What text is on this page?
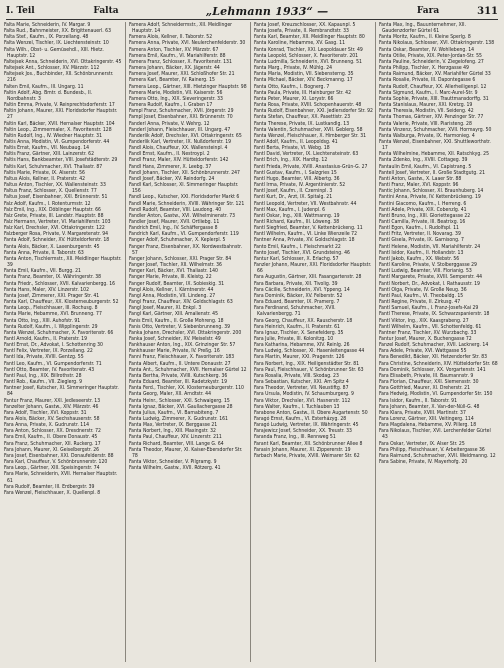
I. Teil	Falta	„Lehmann 1933“ —	Fara	311

Falta Marie, Schneiderin, IV. Margar. 9

Falta Rud., Bahnmeister, XX. Brigittenauerl. 63

Falta Stef., Kaufm., IX. Porzellang. 48

Falta Wenzel, Tischler, IX. Liechtensteinstr. 10

Falta Wilh., Obst- u. Gemüsehdl., XIII. Hietz. Hauptstr. 12

Faltejsek Anna, Schneiderin, XVI. Ottakringerstr. 45

Faltejsek Ant., Schlosser, XV. Märzstr. 112

Faltejsek Jos., Buchbinder, XII. Schönbrunnerstr. 216

Falten Emil, Kaufm., III. Ungarg. 11

Faltin Adolf, Abg. Bmtr. d. Bundesb., II. Nordbahnstr. 3

Faltin Emma, Private, V. Reinprechtsdorferstr. 17

Faltin Johann, Maurer, XXI. Floridsdorfer Hauptstr. 27

Faltin Karl, Bäcker, XVII. Hernalser Hauptstr. 104

Faltin Leop., Zimmermaler, X. Favoritenstr. 128

Faltin Rudolf, Ing., IV. Wiedner Hauptstr. 31

Faltis Anna, Modistin, VI. Gumpendorferstr. 44

Faltis Ernst, Kaufm., VII. Neubaug. 14

Faltis Franz, Gärtner, XIII. Lainzerstr. 62

Faltis Hans, Bankbeamter, VIII. Josefstädterstr. 29

Faltis Karl, Schuhmacher, XVI. Thaliastr. 87

Faltis Marie, Private, IX. Alserstr. 56

Faltus Alois, Kellner, II. Praterstr. 42

Faltus Anton, Tischler, XX. Wallensteinstr. 33

Faltus Franz, Schlosser, X. Quellenstr. 77

Faltus Josef, Eisenbahner, XXI. Brünnerstr. 51

Falz Adolf, Kaufm., I. Rotenturmstr. 12

Falz Emil, Ing., XIX. Döblinger Hauptstr. 66

Falz Grete, Private, III. Landstr. Hauptstr. 88

Falz Hermann, Vertreter, VI. Mariahilferstr. 103

Falz Karl, Drechsler, XVI. Ottakringerstr. 122

Falzberger Rosa, Private, V. Margaretenstr. 94

Fanta Adolf, Schneider, XV. Hütteldorferstr. 18

Fanta Alois, Bäcker, X. Laxenburgerstr. 45

Fanta Anna, Private, II. Taborstr. 63

Fanta Anton, Tischlermstr., XII. Meidlinger Hauptstr. 39

Fanta Emil, Kaufm., VII. Burgg. 21

Fanta Franz, Beamter, IX. Währingerstr. 38

Fanta Friedr., Schlosser, XVII. Kalvarienbergg. 16

Fanta Hans, Maler, XIV. Linzerstr. 102

Fanta Josef, Zimmerer, XXI. Prager Str. 41

Fanta Karl, Chauffeur, XX. Klosterneuburgerstr. 52

Fanta Leop., Fleischhauer, III. Rochusg. 8

Fanta Marie, Hebamme, XVI. Brunneng. 77

Fanta Otto, Ing., XIII. Auhofstr. 91

Fanta Rudolf, Kaufm., I. Wipplingerstr. 29

Fanta Wenzel, Schuhmacher, X. Favoritenstr. 66

Fantl Arnold, Kaufm., II. Praterstr. 19

Fantl Ernst, Dr., Advokat, I. Schottenring 30

Fantl Felix, Vertreter, IX. Porzellang. 22

Fantl Ida, Private, XVIII. Gentzg. 55

Fantl Leo, Kaufm., VI. Gumpendorferstr. 71

Fantl Otto, Beamter, IV. Favoritenstr. 43

Fantl Paul, Ing., XIX. Billrothstr. 28

Fantl Rob., Kaufm., VII. Zieglerg. 9

Fantner Josef, Kutscher, XI. Simmeringer Hauptstr. 84

Fantur Franz, Maurer, XXI. Jedleseerstr. 13

Fanzelter Johann, Gastw., XIV. Märzstr. 46

Fara Adolf, Tischler, XVI. Koppstr. 31

Fara Alois, Bäcker, XV. Sechshauserstr. 58

Fara Anna, Private, X. Gudrunstr. 114

Fara Anton, Schlosser, XX. Dresdnerstr. 72

Fara Emil, Kaufm., II. Obere Donaustr. 45

Fara Franz, Schuhmacher, XII. Ruckerg. 17

Fara Johann, Maurer, XI. Geiselbergstr. 26

Fara Josef, Eisenbahner, XXI. Donaufelderstr. 88

Fara Karl, Chauffeur, V. Schönbrunnerstr. 120

Fara Leop., Gärtner, XIII. Speisingerstr. 74

Fara Marie, Schneiderin, XVII. Hernalser Hauptstr. 61

Fara Rudolf, Beamter, III. Erdbergstr. 39

Fara Wenzel, Fleischhauer, X. Quellenpl. 8

Famera Adolf, Schneidermstr., XII. Meidlinger Hauptstr. 14

Famera Alois, Kellner, II. Taborstr. 52

Famera Anna, Private, XVI. Neulerchenfelderstr. 30

Famera Anton, Tischler, XV. Märzstr. 67

Famera Emil, Kaufm., VI. Mariahilferstr. 88

Famera Franz, Schlosser, X. Favoritenstr. 131

Famera Johann, Bäcker, XX. Jägerstr. 44

Famera Josef, Maurer, XXI. Schloßhofer Str. 21

Famera Karl, Beamter, IV. Rainerg. 15

Famera Leop., Gärtner, XIII. Hietzinger Hauptstr. 98

Famera Marie, Modistin, VII. Kaiserstr. 56

Famera Otto, Ing., XIX. Sieveringerstr. 33

Famera Rudolf, Kaufm., I. Graben 17

Fampl Franz, Schuhmacher, XVII. Jörgerstr. 29

Fampl Josef, Eisenbahner, XXI. Brünnerstr. 70

Fanderl Anna, Private, V. Wehrg. 12

Fanderl Johann, Fleischhauer, III. Ungarg. 47

Fanderlik Adolf, Drechsler, XVI. Ottakringerstr. 65

Fanderlik Karl, Vertreter, IX. Nußdorferstr. 19

Fandl Alois, Chauffeur, XX. Wallensteinpl. 4

Fandl Ernst, Kaufm., II. Nestroypl. 2

Fandl Franz, Maler, XIV. Hütteldorferstr. 142

Fandl Hans, Zimmerer, X. Leebg. 37

Fandl Johann, Tischler, XII. Schönbrunnerstr. 247

Fandl Josef, Bäcker, XV. Reindorfg. 24

Fandl Karl, Schlosser, XI. Simmeringer Hauptstr. 156

Fandl Leop., Kutscher, XXI. Floridsdorfer Markt 6

Fandl Marie, Schneiderin, XVIII. Währinger Str. 121

Fandl Rudolf, Beamter, VIII. Laudong. 40

Fandler Anton, Gastw., XVI. Wilhelminenstr. 73

Fandler Josef, Maurer, XVII. Ortliebg. 11

Fandrich Emil, Ing., IV. Schäffergasse 8

Fandrich Karl, Kaufm., VI. Gumpendorferstr. 119

Fanger Adolf, Schuhmacher, X. Keplerpl. 5

Fanger Franz, Eisenbahner, XX. Nordwestbahnstr. 57

Fanger Johann, Schlosser, XXI. Prager Str. 84

Fanger Josef, Tischler, XII. Wilhelmstr. 36

Fanger Karl, Bäcker, XVI. Thaliastr. 140

Fanger Marie, Private, III. Kleistg. 22

Fanger Rudolf, Beamter, IX. Sobieskig. 31

Fangl Alois, Kellner, I. Kärntnerstr. 44

Fangl Anna, Modistin, VII. Lindeng. 27

Fangl Franz, Chauffeur, XIV. Goldschlagstr. 63

Fangl Josef, Maurer, XI. Enkpl. 3

Fangl Karl, Gärtner, XIII. Amalienstr. 45

Fanis Emil, Kaufm., II. Große Mohreng. 18

Fanis Otto, Vertreter, V. Siebenbrunneng. 39

Fanka Johann, Drechsler, XVI. Ottakringerstr. 200

Fanka Josef, Schneider, XV. Meiselstr. 49

Fankhauser Anton, Ing., XIX. Grinzinger Str. 57

Fankhauser Marie, Private, IV. Preßg. 16

Fanni Franz, Fleischhauer, X. Favoritenstr. 183

Fanta Albert, Kaufm., II. Untere Donaustr. 27

Fanta Ant., Schuhmacher, XVII. Hernalser Gürtel 12

Fanta Bertha, Private, XVIII. Kutschkerg. 36

Fanta Eduard, Beamter, III. Radetzkystr. 19

Fanta Ferd., Tischler, XX. Klosterneuburgerstr. 110

Fanta Georg, Maler, XII. Arndtstr. 44

Fanta Heinr., Schlosser, XXI. Schwaigerg. 15

Fanta Ignaz, Bäcker, XVI. Gaullachergasse 28

Fanta Julius, Kaufm., VI. Barnabiteng. 7

Fanta Ludwig, Zimmerer, X. Gudrunstr. 161

Fanta Max, Vertreter, IX. Berggasse 21

Fanta Norbert, Ing., XIII. Maxingstr. 32

Fanta Paul, Chauffeur, XIV. Linzerstr. 211

Fanta Richard, Beamter, VIII. Lange G. 64

Fanta Theodor, Maurer, XI. Kaiser-Ebersdorfer Str. 78

Fanta Viktor, Schneider, V. Pilgramg. 9

Fanta Wilhelm, Gastw., XVII. Rötzerg. 41

Fanta Josef, Kreuzschlosser, XX. Kapaunpl. 5

Fanta Josefa, Private, II. Rembrandtstr. 33

Fanta Karl, Beamter, XII. Meidlinger Hauptstr. 80

Fanta Karoline, Hebamme, XV. Gasg. 11

Fanta Konrad, Tischler, XXI. Leopoldauer Str. 49

Fanta Leopold, Schlosser, X. Favoritenstr. 201

Fanta Ludmilla, Schneiderin, XVI. Brunneng. 51

Fanta Marg., Private, IV. Mühlg. 24

Fanta Maria, Modistin, VII. Siebensterng. 35

Fanta Michael, Bäcker, XIV. Beckmanng. 17

Fanta Otto, Kaufm., I. Bognerg. 7

Fanta Paula, Private, III. Hainburger Str. 42

Fanta Peter, Maurer, XI. Lorystr. 66

Fanta Rosa, Private, XVIII. Schopenhauerstr. 48

Fanta Rudolf, Eisenbahner, XXI. Jedlersdorfer Str. 92

Fanta Stefan, Chauffeur, XX. Pasettistr. 23

Fanta Therese, Private, IX. Lustkandlg. 13

Fanta Valentin, Schuhmacher, XVII. Geblerg. 58

Fanta Wenzel, Fleischhauer, X. Himberger Str. 31

Fantl Adolf, Kaufm., II. Leopoldsg. 41

Fantl Berta, Private, VI. Webg. 18

Fantl David, Vertreter, IX. Liechtensteinstr. 63

Fantl Erich, Ing., XIX. Hardtg. 12

Fantl Frieda, Private, XVIII. Anastasius-Grün-G. 27

Fantl Gustav, Kaufm., I. Salzgries 15

Fantl Hugo, Beamter, VIII. Albertg. 36

Fantl Irma, Private, IV. Argentinierstr. 52

Fantl Josef, Kaufm., II. Czerninpl. 3

Fantl Kurt, Dr., Arzt, IX. Spitalg. 21

Fantl Leopold, Vertreter, VII. Westbahnstr. 44

Fantl Max, Kaufm., I. Judenpl. 6

Fantl Oskar, Ing., XIII. Wattmanng. 19

Fantl Richard, Kaufm., III. Löweng. 38

Fantl Siegfried, Beamter, V. Kettenbrückeng. 11

Fantl Wilhelm, Kaufm., VI. Linke Wienzeile 72

Fantner Anna, Private, XV. Goldschlagstr. 18

Fanto Emil, Kaufm., I. Fleischmarkt 22

Fanto Josef, Tischler, XVI. Grundsteing. 46

Fantur Karl, Schlosser, X. Erlachg. 57

Fanzler Johann, Maurer, XXI. Floridsdorfer Hauptstr. 66

Fara Augustin, Gärtner, XIII. Fasangartenstr. 28

Fara Barbara, Private, XII. Tivolig. 39

Fara Cäcilie, Schneiderin, XVI. Yppeng. 14

Fara Dominik, Bäcker, XV. Felberstr. 52

Fara Eduard, Beamter, IX. Pramerg. 7

Fara Ferdinand, Schuhmacher, XVII. Kalvarienbergg. 71

Fara Georg, Chauffeur, XX. Rauscherstr. 18

Fara Heinrich, Kaufm., II. Praterstr. 61

Fara Ignaz, Tischler, X. Senefelderg. 35

Fara Julie, Private, III. Kolonitzg. 10

Fara Katharina, Hebamme, XIV. Reinlg. 26

Fara Ludwig, Schlosser, XI. Hasenleitengasse 44

Fara Martin, Maurer, XXI. Pragerstr. 126

Fara Norbert, Ing., XIX. Heiligenstädter Str. 81

Fara Paul, Fleischhauer, V. Schönbrunner Str. 63

Fara Rosalia, Private, VIII. Skodag. 23

Fara Sebastian, Kutscher, XXI. Am Spitz 4

Fara Theodor, Vertreter, VII. Neustiftg. 87

Fara Ursula, Modistin, IV. Schaumburgerg. 9

Fara Viktor, Drechsler, XVI. Hasnerstr. 112

Fara Walter, Kaufm., I. Tuchlauben 13

Farabone Anton, Gastw., II. Obere Augartenstr. 50

Faragó Ernst, Kaufm., VI. Esterházyg. 28

Faragó Ludwig, Vertreter, IX. Währingerstr. 45

Farajewicz Josef, Schneider, XX. Treustr. 33

Faranda Franz, Ing., III. Rennweg 51

Farant Karl, Beamter, XII. Schönbrunner Allee 8

Farasin Johann, Maurer, XI. Zippererstr. 19

Farbach Marie, Private, XVIII. Weimarer Str. 62

Fanta Max, Ing., Bauunternehmer, XII. Gaudenzdorfer Gürtel 61

Fanta Moritz, Kaufm., II. Kleine Sperlg. 8

Fanta Nikolaus, Schlosser, XVI. Ottakringerstr. 138

Fanta Oskar, Beamter, IV. Wohllebeng. 14

Fanta Otilie, Private, XIX. Peter-Jordan-Str. 55

Fanta Pauline, Schneiderin, V. Ziegelofeng. 27

Fanta Philipp, Tischler, X. Herzgasse 49

Fanta Raimund, Bäcker, XV. Mariahilfer Gürtel 33

Fanta Rosalie, Private, III. Dapontegasse 6

Fanta Rudolf, Chauffeur, XX. Allerheiligenpl. 12

Fanta Sigmund, Kaufm., I. Marc-Aurel-Str. 9

Fanta Sophie, Private, XIII. Trauttmansdorffg. 31

Fanta Stanislaus, Maurer, XXI. Kretzg. 19

Fanta Theresia, Modistin, VII. Seideng. 42

Fanta Thomas, Gärtner, XIV. Penzinger Str. 77

Fanta Valerie, Private, VIII. Piaristeng. 28

Fanta Vinzenz, Schuhmacher, XVII. Hormayrg. 50

Fanta Walburga, Private, IX. Harmonieg. 4

Fanta Wenzel, Eisenbahner, XXI. Shuttleworthstr. 17

Fanta Wilhelmine, Hebamme, XII. Ratschkyg. 25

Fanta Zdenko, Ing., XVIII. Cottageg. 39

Fantaulin Emil, Kaufm., VI. Capistrang. 5

Fantell Josef, Vertreter, II. Große Stadtgutg. 21

Fanti Anton, Gastw., X. Laaer Str. 88

Fanti Franz, Maler, XVI. Koppstr. 96

Fantic Johann, Schlosser, XI. Braunhuberg. 14

Fantini Anna, Private, IV. Kettenbrückeng. 19

Fantini Giacomo, Kaufm., I. Herreng. 6

Fantl Adele, Private, XIX. Cobenzlg. 41

Fantl Bruno, Ing., XIII. Gloriettegasse 22

Fantl Camilla, Private, III. Beatrixg. 16

Fantl Egon, Kaufm., I. Rudolfspl. 11

Fantl Fritz, Vertreter, II. Novarag. 39

Fantl Gisela, Private, IX. Garnisong. 7

Fantl Helene, Modistin, VII. Mariahilferstr. 24

Fantl Isidor, Kaufm., II. Hollandstr. 13

Fantl Jakob, Kaufm., XX. Webstr. 56

Fantl Karoline, Private, V. Stolberggasse 29

Fantl Ludwig, Beamter, VIII. Florianig. 53

Fantl Margarete, Private, XVIII. Semperstr. 44

Fantl Norbert, Dr., Advokat, I. Rathausstr. 19

Fantl Olga, Private, IV. Große Neug. 36

Fantl Paul, Kaufm., VI. Theobaldg. 15

Fantl Regine, Private, II. Zirkusg. 47

Fantl Samuel, Kaufm., I. Franz-Josefs-Kai 29

Fantl Therese, Private, IX. Schwarzspanierstr. 18

Fantl Viktor, Ing., XIX. Kaasgrabeng. 27

Fantl Wilhelm, Kaufm., VII. Schottenfeldg. 61

Fantner Franz, Tischler, XV. Wurzbachg. 33

Fantur Josef, Maurer, X. Buchengasse 72

Fanzel Rudolf, Schuhmacher, XVII. Lacknerg. 14

Fara Adele, Private, XVI. Wattgasse 55

Fara Benedikt, Bäcker, XII. Hetzendorfer Str. 83

Fara Christine, Schneiderin, XIV. Hütteldorfer Str. 68

Fara Dominik, Schlosser, XX. Vorgartenstr. 141

Fara Elisabeth, Private, III. Baumannstr. 9

Fara Florian, Chauffeur, XXI. Siemensstr. 30

Fara Gottfried, Maurer, XI. Dreherstr. 21

Fara Hedwig, Modistin, VI. Gumpendorfer Str. 150

Fara Isidor, Kaufm., II. Taborstr. 91

Fara Johann, Beamter, X. Van-der-Nüll-G. 48

Fara Klara, Private, XVIII. Martinstr. 37

Fara Lorenz, Gärtner, XIII. Veitingerg. 114

Fara Magdalena, Hebamme, XV. Pillerg. 18

Fara Nikolaus, Tischler, XVI. Lerchenfelder Gürtel 43

Fara Oskar, Vertreter, IX. Alser Str. 25

Fara Philipp, Fleischhauer, V. Arbeitergasse 36

Fara Raimund, Schuhmacher, XVII. Weidmanng. 12

Fara Sabine, Private, IV. Mayerhofg. 20
